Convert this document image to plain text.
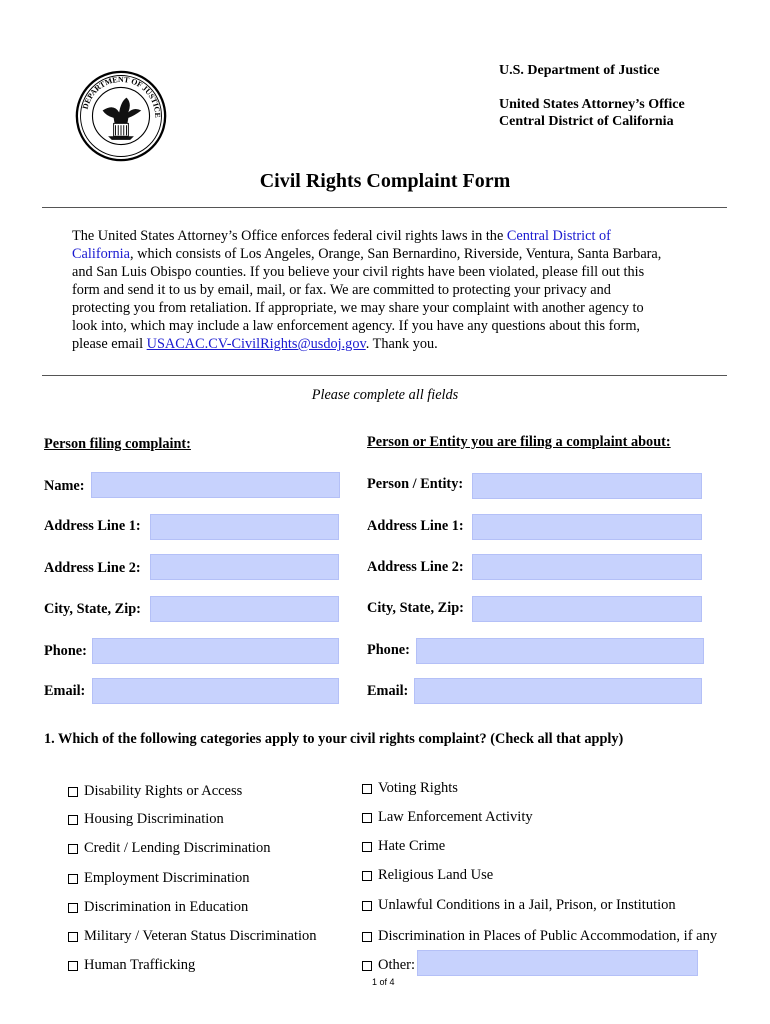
DEPARTMENT OF JUSTICE
U.S. Department of Justice
United States Attorney’s Office
Central District of California
Civil Rights Complaint Form
The United States Attorney’s Office enforces federal civil rights laws in the Central District of California, which consists of Los Angeles, Orange, San Bernardino, Riverside, Ventura, Santa Barbara, and San Luis Obispo counties. If you believe your civil rights have been violated, please fill out this form and send it to us by email, mail, or fax. We are committed to protecting your privacy and protecting you from retaliation. If appropriate, we may share your complaint with another agency to look into, which may include a law enforcement agency. If you have any questions about this form, please email USACAC.CV-CivilRights@usdoj.gov. Thank you.
Please complete all fields
Person filing complaint:	Person or Entity you are filing a complaint about:
Name:
Address Line 1:
Address Line 2:
City, State, Zip:
Phone:
Email:
Person / Entity:
Address Line 1:
Address Line 2:
City, State, Zip:
Phone:
Email:
1. Which of the following categories apply to your civil rights complaint? (Check all that apply)
Disability Rights or Access
Housing Discrimination
Credit / Lending Discrimination
Employment Discrimination
Discrimination in Education
Military / Veteran Status Discrimination
Human Trafficking
Voting Rights
Law Enforcement Activity
Hate Crime
Religious Land Use
Unlawful Conditions in a Jail, Prison, or Institution
Discrimination in Places of Public Accommodation, if any
Other:
1 of 4
